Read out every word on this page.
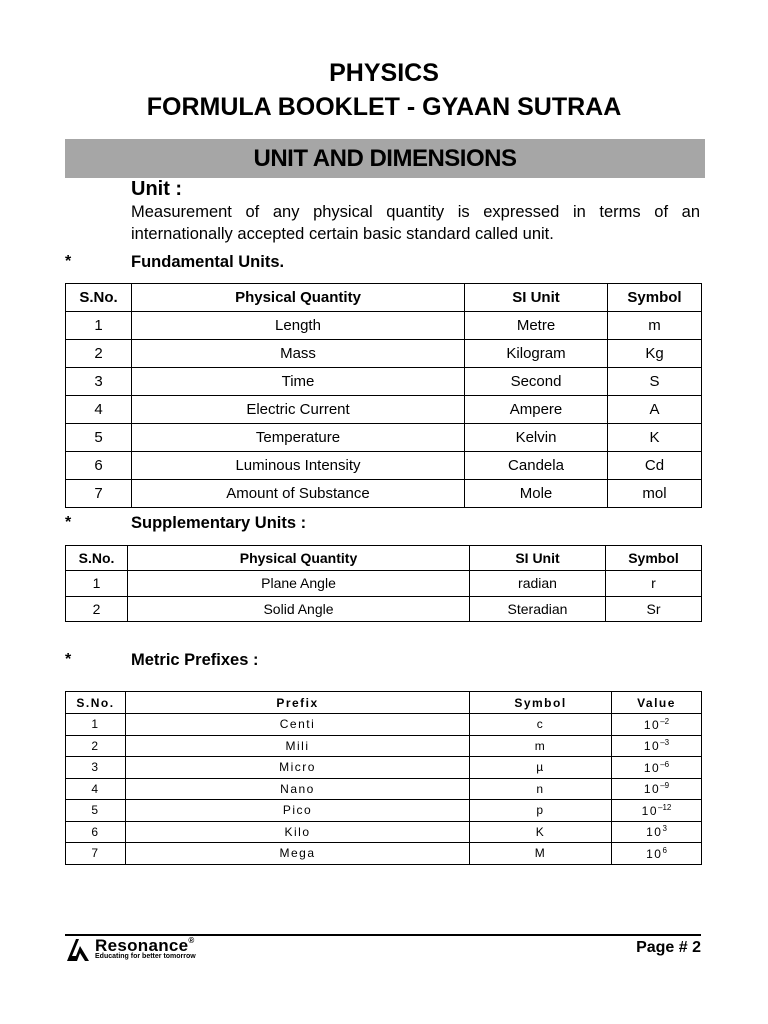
PHYSICS
FORMULA BOOKLET - GYAAN SUTRAA
UNIT AND DIMENSIONS
Unit :
Measurement of any physical quantity is expressed in terms of an internationally accepted certain basic standard called unit.
*	Fundamental Units.
S.No.	Physical Quantity	SI Unit	Symbol
1	Length	Metre	m
2	Mass	Kilogram	Kg
3	Time	Second	S
4	Electric Current	Ampere	A
5	Temperature	Kelvin	K
6	Luminous Intensity	Candela	Cd
7	Amount of Substance	Mole	mol
*	Supplementary Units :
S.No.	Physical Quantity	SI Unit	Symbol
1	Plane Angle	radian	r
2	Solid Angle	Steradian	Sr
*	Metric Prefixes :
S.No.	Prefix	Symbol	Value
1	Centi	c	$10^{-2}$
2	Mili	m	$10^{-3}$
3	Micro	µ	$10^{-6}$
4	Nano	n	$10^{-9}$
5	Pico	p	$10^{-12}$
6	Kilo	K	$10^3$
7	Mega	M	$10^6$
Resonance®
Educating for better tomorrow
Page # 2
